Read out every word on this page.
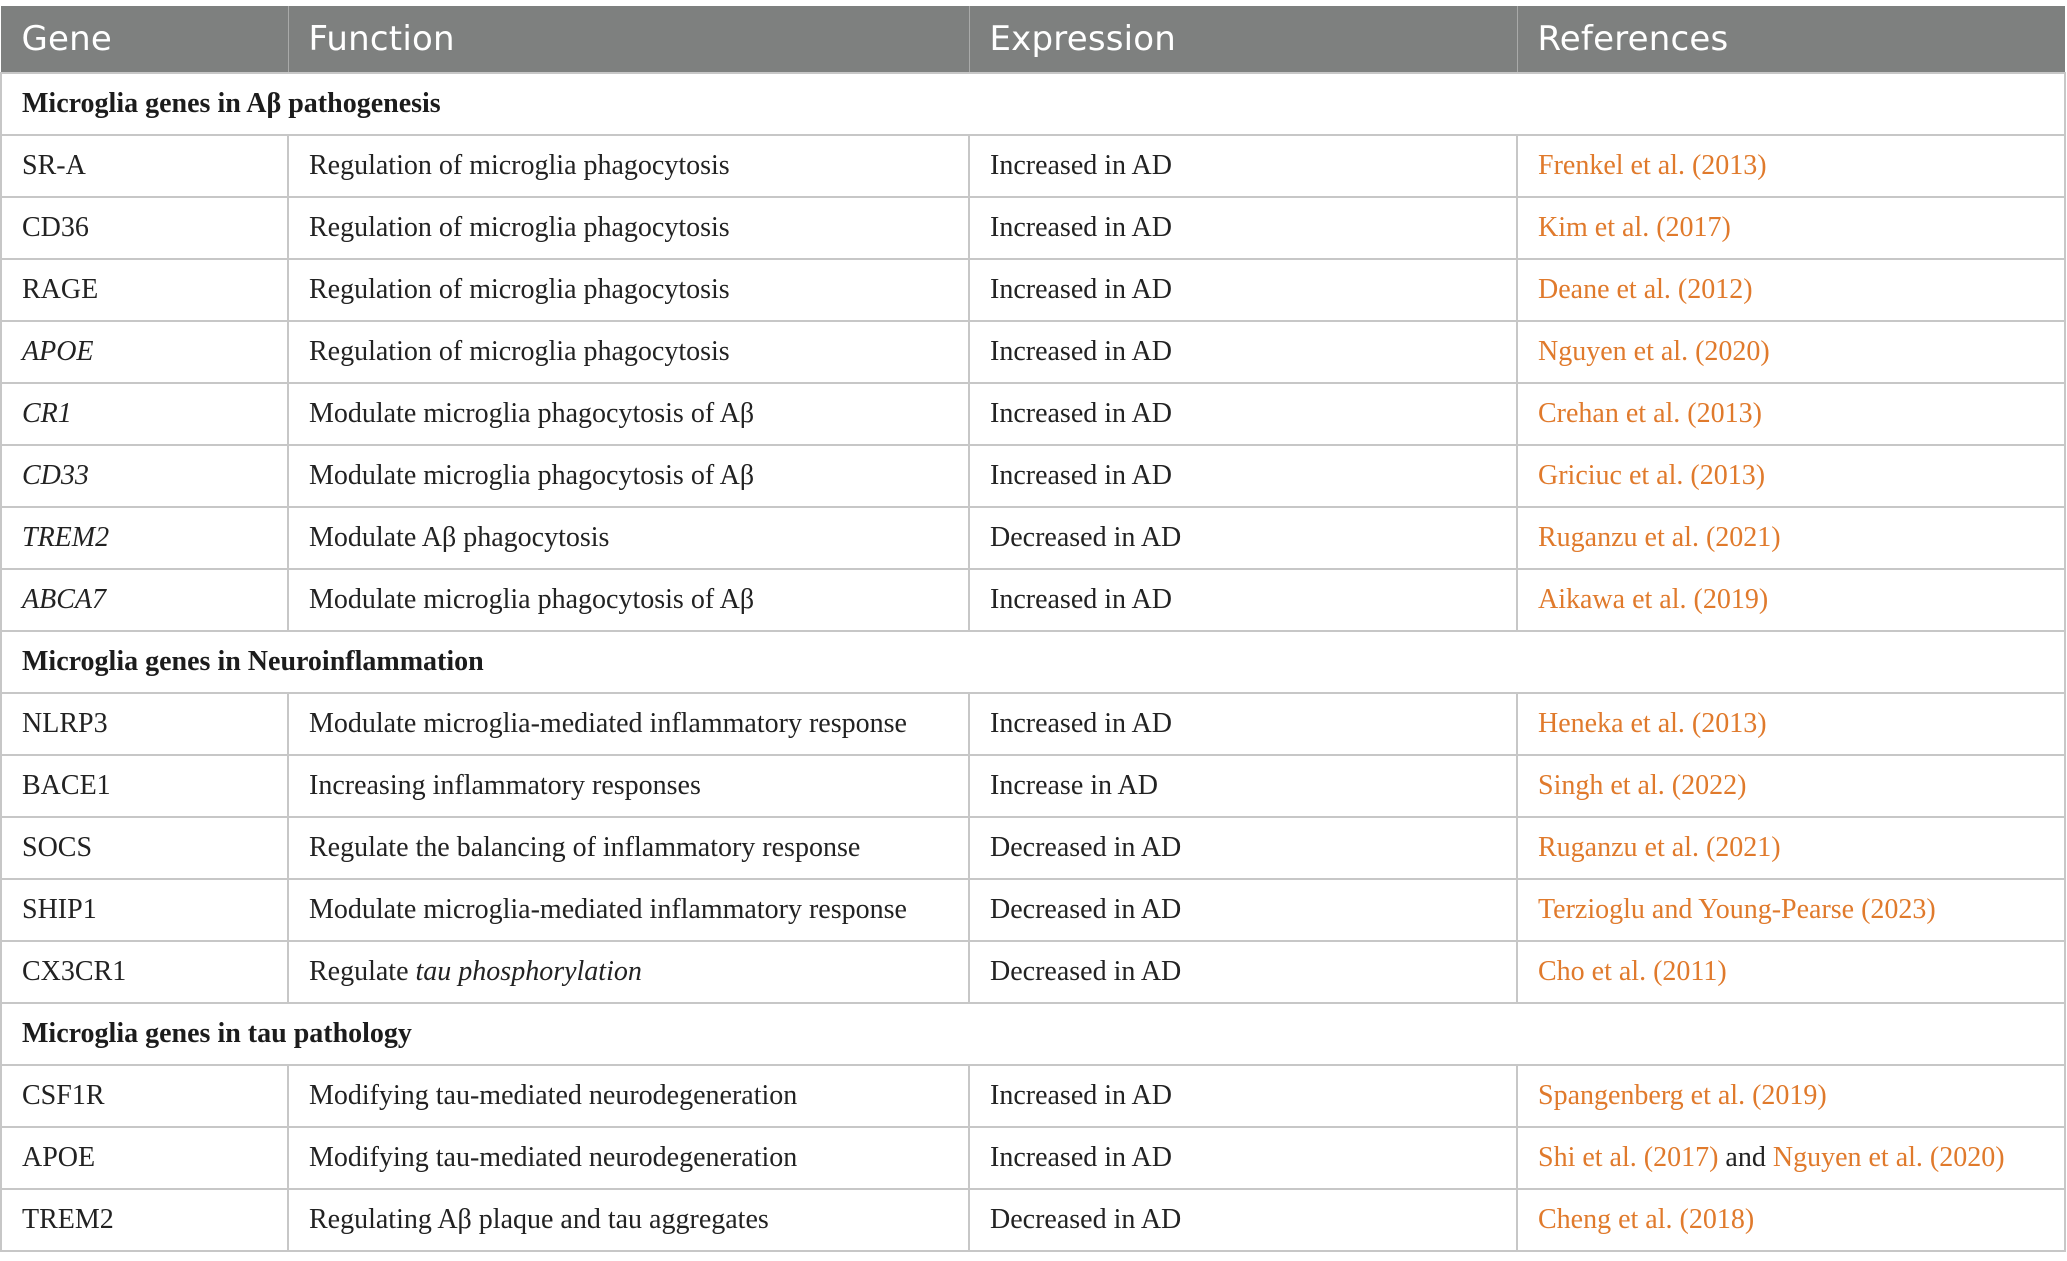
Gene	Function	Expression	References
Microglia genes in Aβ pathogenesis			
SR-A	Regulation of microglia phagocytosis	Increased in AD	Frenkel et al. (2013)
CD36	Regulation of microglia phagocytosis	Increased in AD	Kim et al. (2017)
RAGE	Regulation of microglia phagocytosis	Increased in AD	Deane et al. (2012)
APOE	Regulation of microglia phagocytosis	Increased in AD	Nguyen et al. (2020)
CR1	Modulate microglia phagocytosis of Aβ	Increased in AD	Crehan et al. (2013)
CD33	Modulate microglia phagocytosis of Aβ	Increased in AD	Griciuc et al. (2013)
TREM2	Modulate Aβ phagocytosis	Decreased in AD	Ruganzu et al. (2021)
ABCA7	Modulate microglia phagocytosis of Aβ	Increased in AD	Aikawa et al. (2019)
Microglia genes in Neuroinflammation			
NLRP3	Modulate microglia-mediated inflammatory response	Increased in AD	Heneka et al. (2013)
BACE1	Increasing inflammatory responses	Increase in AD	Singh et al. (2022)
SOCS	Regulate the balancing of inflammatory response	Decreased in AD	Ruganzu et al. (2021)
SHIP1	Modulate microglia-mediated inflammatory response	Decreased in AD	Terzioglu and Young-Pearse (2023)
CX3CR1	Regulate tau phosphorylation	Decreased in AD	Cho et al. (2011)
Microglia genes in tau pathology			
CSF1R	Modifying tau-mediated neurodegeneration	Increased in AD	Spangenberg et al. (2019)
APOE	Modifying tau-mediated neurodegeneration	Increased in AD	Shi et al. (2017) and Nguyen et al. (2020)
TREM2	Regulating Aβ plaque and tau aggregates	Decreased in AD	Cheng et al. (2018)
